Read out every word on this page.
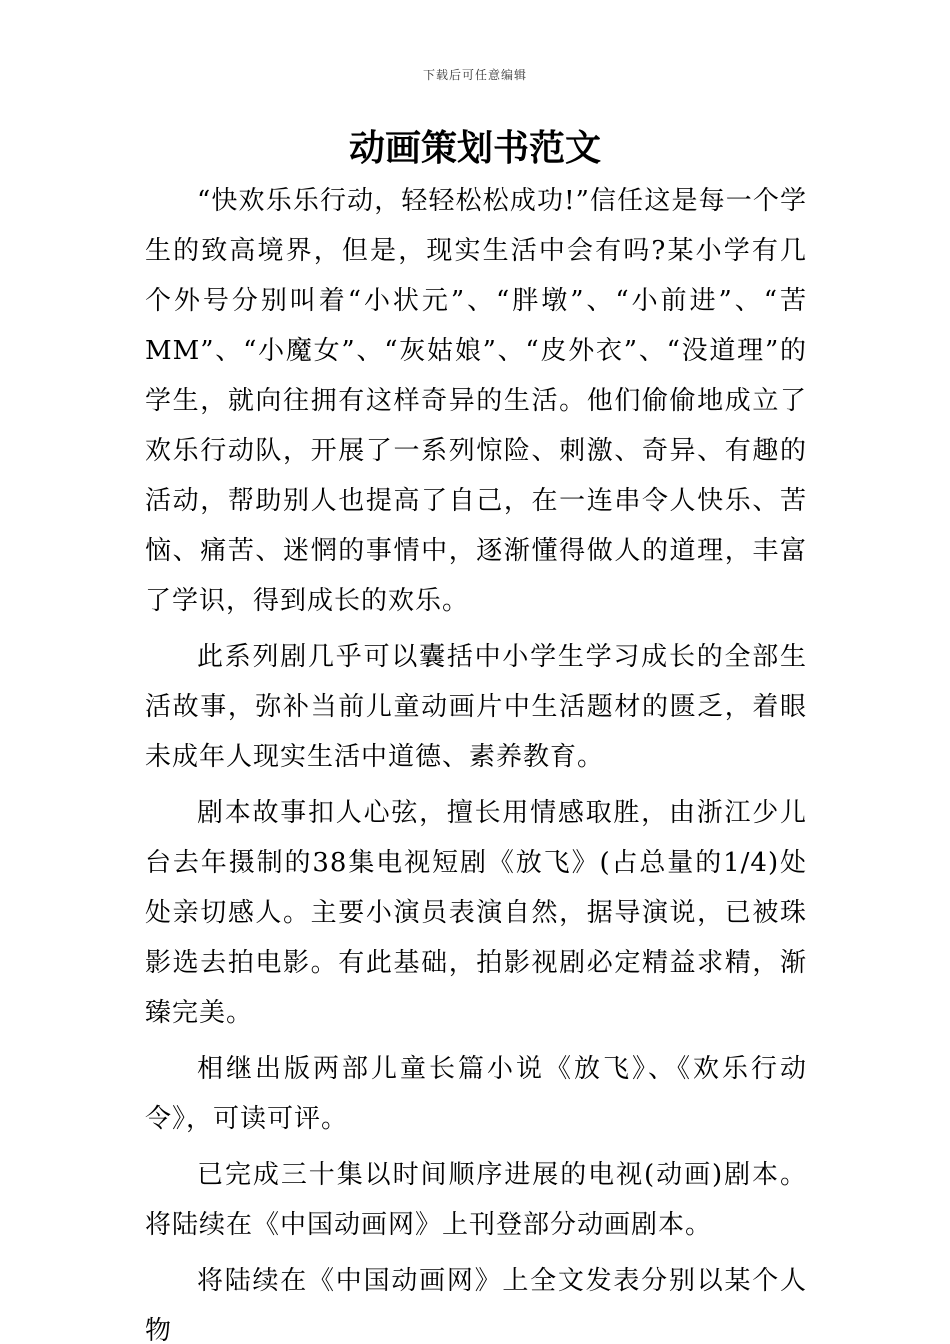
下载后可任意编辑
动画策划书范文

“快欢乐乐行动，轻轻松松成功!”信任这是每一个学生的致高境界，但是，现实生活中会有吗?某小学有几个外号分别叫着“小状元”、“胖墩”、“小前进”、“苦MM”、“小魔女”、“灰姑娘”、“皮外衣”、“没道理”的学生，就向往拥有这样奇异的生活。他们偷偷地成立了欢乐行动队，开展了一系列惊险、刺激、奇异、有趣的活动，帮助别人也提高了自己，在一连串令人快乐、苦恼、痛苦、迷惘的事情中，逐渐懂得做人的道理，丰富了学识，得到成长的欢乐。

此系列剧几乎可以囊括中小学生学习成长的全部生活故事，弥补当前儿童动画片中生活题材的匮乏，着眼未成年人现实生活中道德、素养教育。

剧本故事扣人心弦，擅长用情感取胜，由浙江少儿台去年摄制的38集电视短剧《放飞》(占总量的1/4)处处亲切感人。主要小演员表演自然，据导演说，已被珠影选去拍电影。有此基础，拍影视剧必定精益求精，渐臻完美。

相继出版两部儿童长篇小说《放飞》、《欢乐行动令》，可读可评。

已完成三十集以时间顺序进展的电视(动画)剧本。将陆续在《中国动画网》上刊登部分动画剧本。

将陆续在《中国动画网》上全文发表分别以某个人物
